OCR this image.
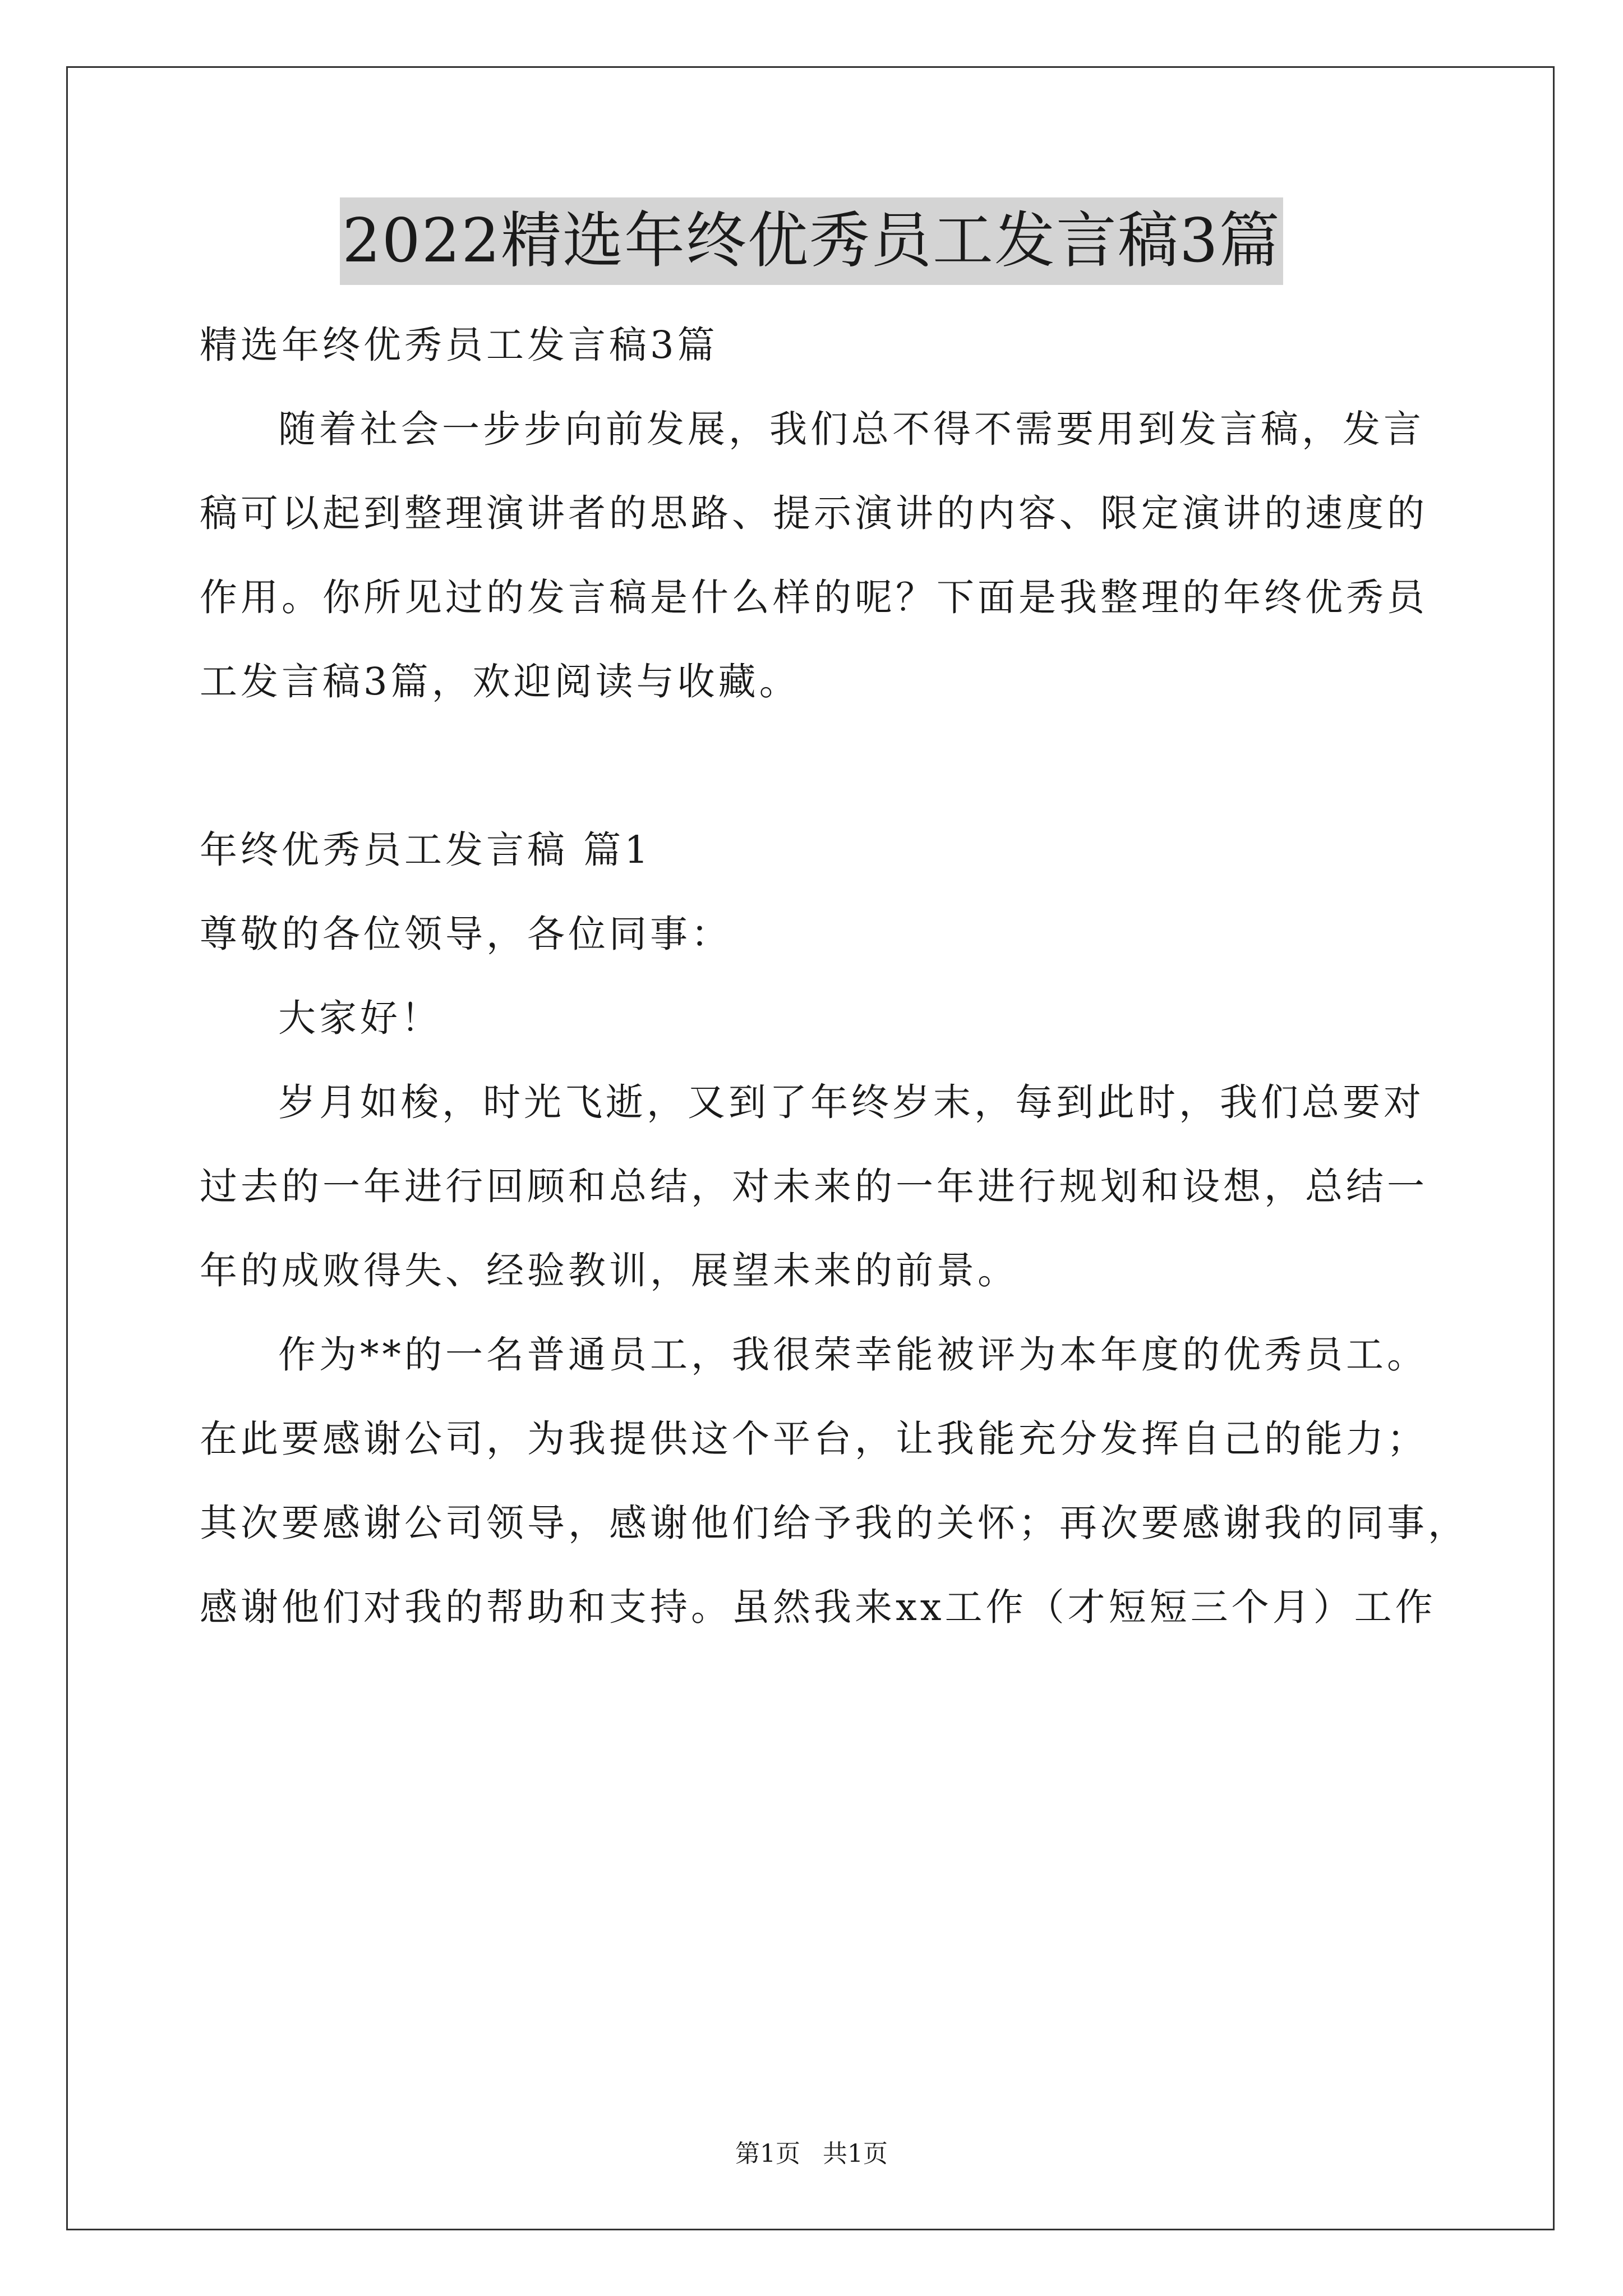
2022精选年终优秀员工发言稿3篇
精选年终优秀员工发言稿3篇
随着社会一步步向前发展，我们总不得不需要用到发言稿，发言
稿可以起到整理演讲者的思路、提示演讲的内容、限定演讲的速度的
作用。你所见过的发言稿是什么样的呢？下面是我整理的年终优秀员
工发言稿3篇，欢迎阅读与收藏。
年终优秀员工发言稿 篇1
尊敬的各位领导，各位同事：
大家好！
岁月如梭，时光飞逝，又到了年终岁末，每到此时，我们总要对
过去的一年进行回顾和总结，对未来的一年进行规划和设想，总结一
年的成败得失、经验教训，展望未来的前景。
作为**的一名普通员工，我很荣幸能被评为本年度的优秀员工。
在此要感谢公司，为我提供这个平台，让我能充分发挥自己的能力；
其次要感谢公司领导，感谢他们给予我的关怀；再次要感谢我的同事，
感谢他们对我的帮助和支持。虽然我来xx工作（才短短三个月）工作
第1页 共1页
